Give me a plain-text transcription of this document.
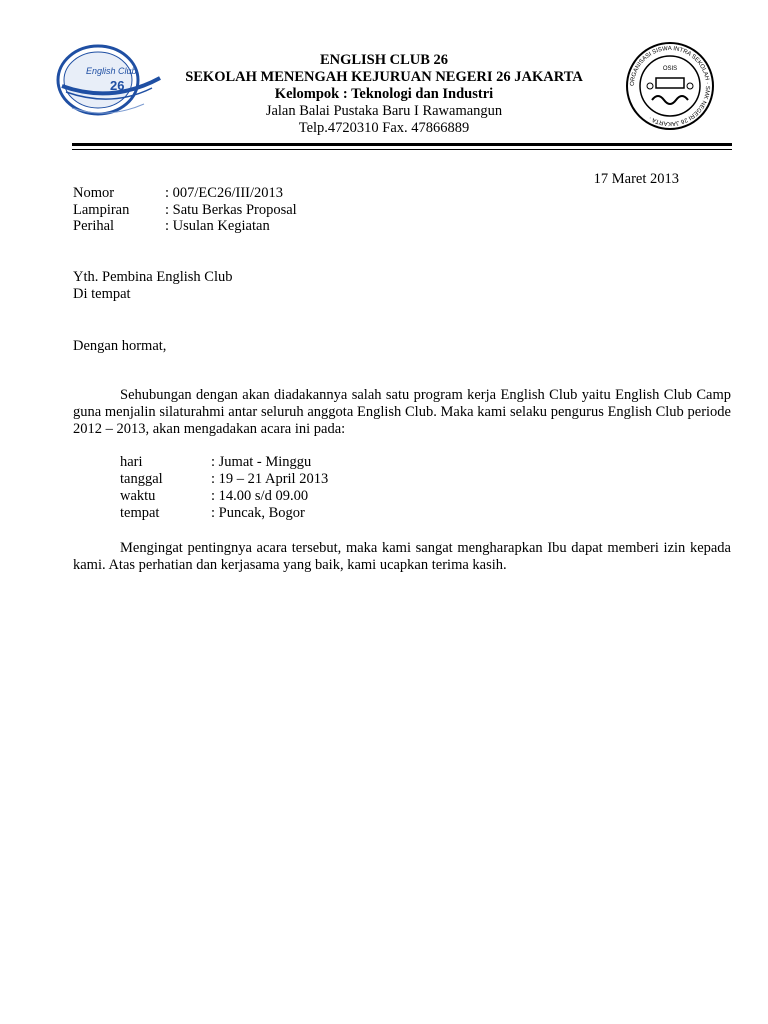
English Club
26	ORGANISASI SISWA INTRA SEKOLAH · SMK NEGERI 26 JAKARTA ·
OSIS
ENGLISH CLUB 26
SEKOLAH MENENGAH KEJURUAN NEGERI 26 JAKARTA
Kelompok : Teknologi dan Industri
Jalan Balai Pustaka Baru I Rawamangun
Telp.4720310 Fax. 47866889
17 Maret 2013
Nomor	: 007/EC26/III/2013
Lampiran : Satu Berkas Proposal
Perihal	: Usulan Kegiatan
Yth. Pembina English Club
Di tempat
Dengan hormat,
Sehubungan dengan akan diadakannya salah satu program kerja English Club yaitu English Club Camp guna menjalin silaturahmi antar seluruh anggota English Club. Maka kami selaku pengurus English Club periode 2012 – 2013, akan mengadakan acara ini pada:
hari	: Jumat - Minggu
tanggal	: 19 – 21 April 2013
waktu	: 14.00 s/d 09.00
tempat	: Puncak, Bogor
Mengingat pentingnya acara tersebut, maka kami sangat mengharapkan Ibu dapat memberi izin kepada kami. Atas perhatian dan kerjasama yang baik, kami ucapkan terima kasih.
